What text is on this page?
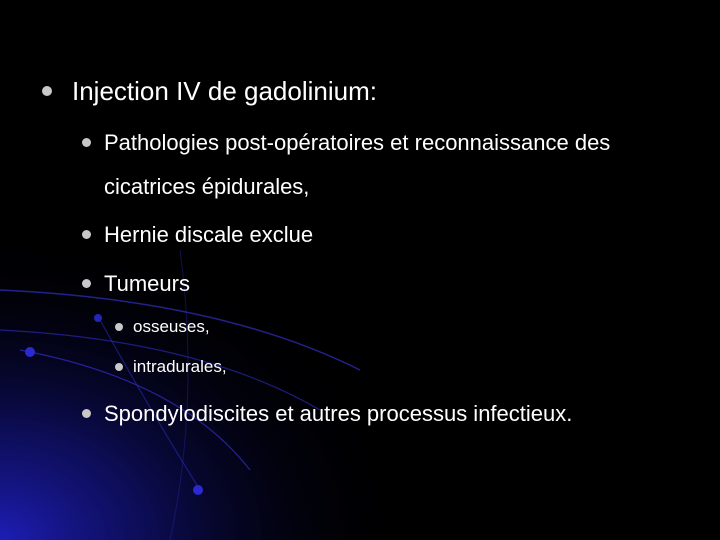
Injection IV de gadolinium:
Pathologies post-opératoires et reconnaissance des
cicatrices épidurales,
Hernie discale exclue
Tumeurs
osseuses,
intradurales,
Spondylodiscites et autres processus infectieux.
